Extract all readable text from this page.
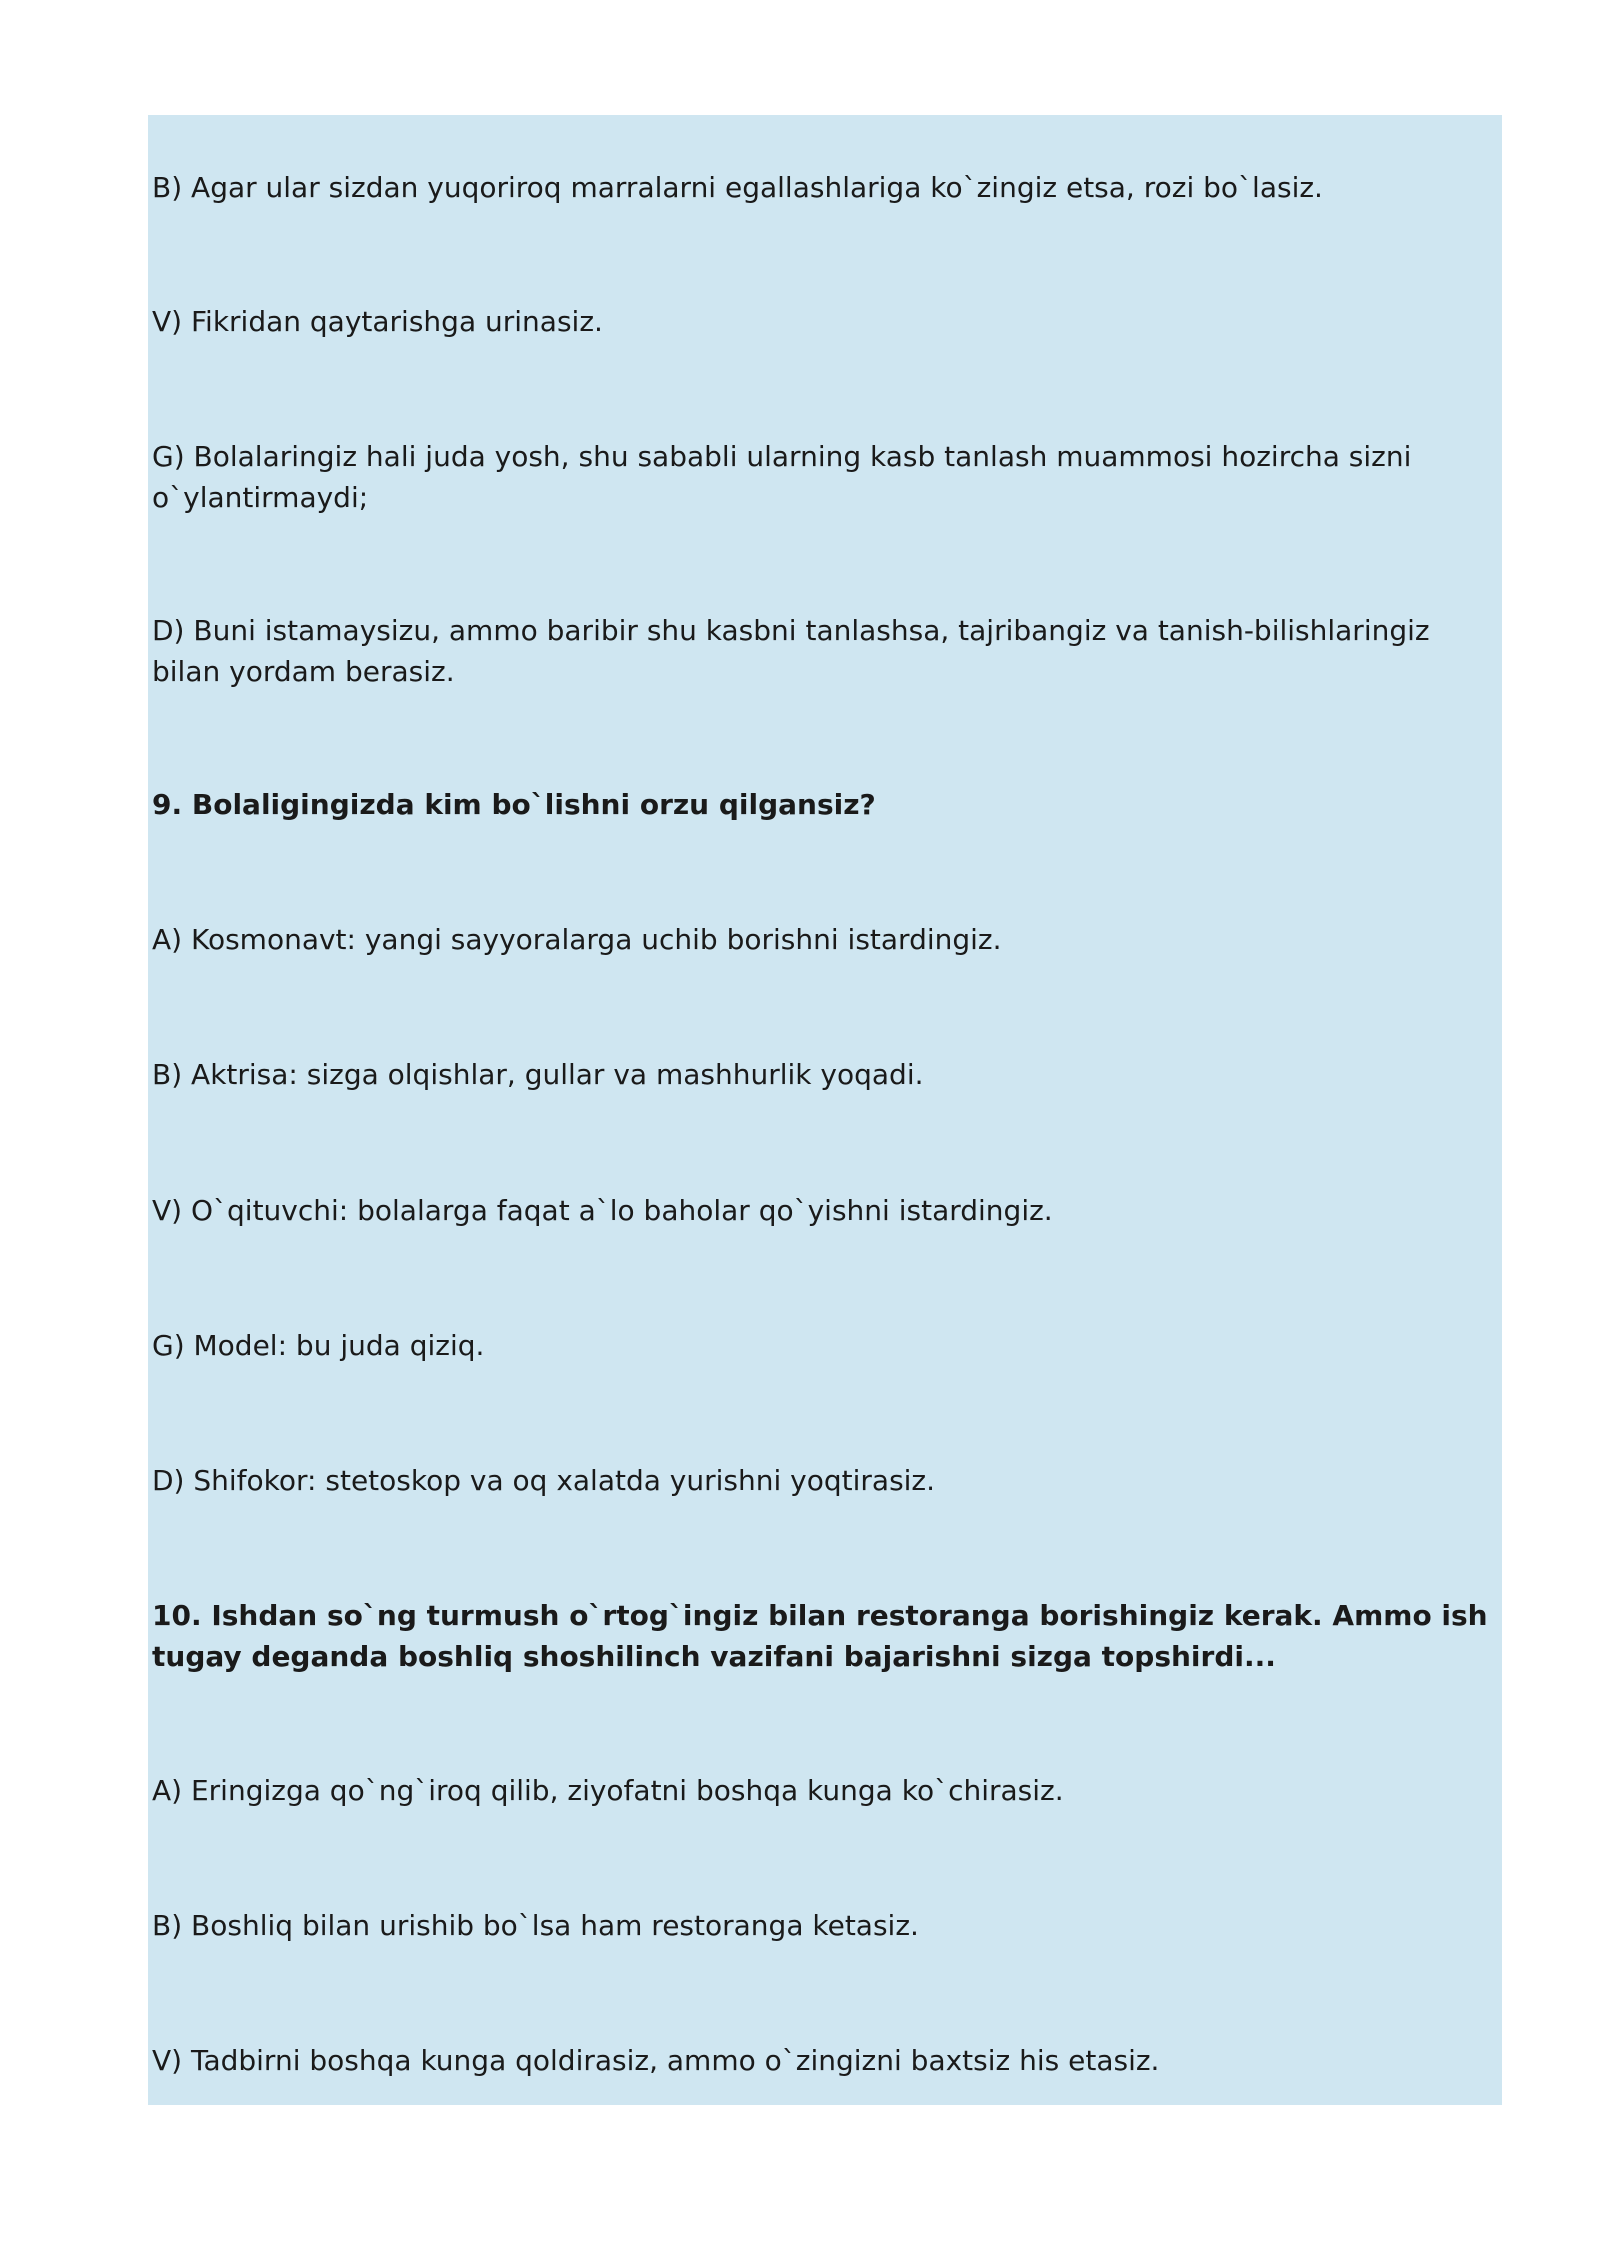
B) Agar ular sizdan yuqoriroq marralarni egallashlariga ko`zingiz etsa, rozi bo`lasiz.

V) Fikridan qaytarishga urinasiz.

G) Bolalaringiz hali juda yosh, shu sababli ularning kasb tanlash muammosi hozircha sizni o`ylantirmaydi;

D) Buni istamaysizu, ammo baribir shu kasbni tanlashsa, tajribangiz va tanish-bilishlaringiz bilan yordam berasiz.

9. Bolaligingizda kim bo`lishni orzu qilgansiz?

A) Kosmonavt: yangi sayyoralarga uchib borishni istardingiz.

B) Aktrisa: sizga olqishlar, gullar va mashhurlik yoqadi.

V) O`qituvchi: bolalarga faqat a`lo baholar qo`yishni istardingiz.

G) Model: bu juda qiziq.

D) Shifokor: stetoskop va oq xalatda yurishni yoqtirasiz.

10. Ishdan so`ng turmush o`rtog`ingiz bilan restoranga borishingiz kerak. Ammo ish tugay deganda boshliq shoshilinch vazifani bajarishni sizga topshirdi...

A) Eringizga qo`ng`iroq qilib, ziyofatni boshqa kunga ko`chirasiz.

B) Boshliq bilan urishib bo`lsa ham restoranga ketasiz.

V) Tadbirni boshqa kunga qoldirasiz, ammo o`zingizni baxtsiz his etasiz.
